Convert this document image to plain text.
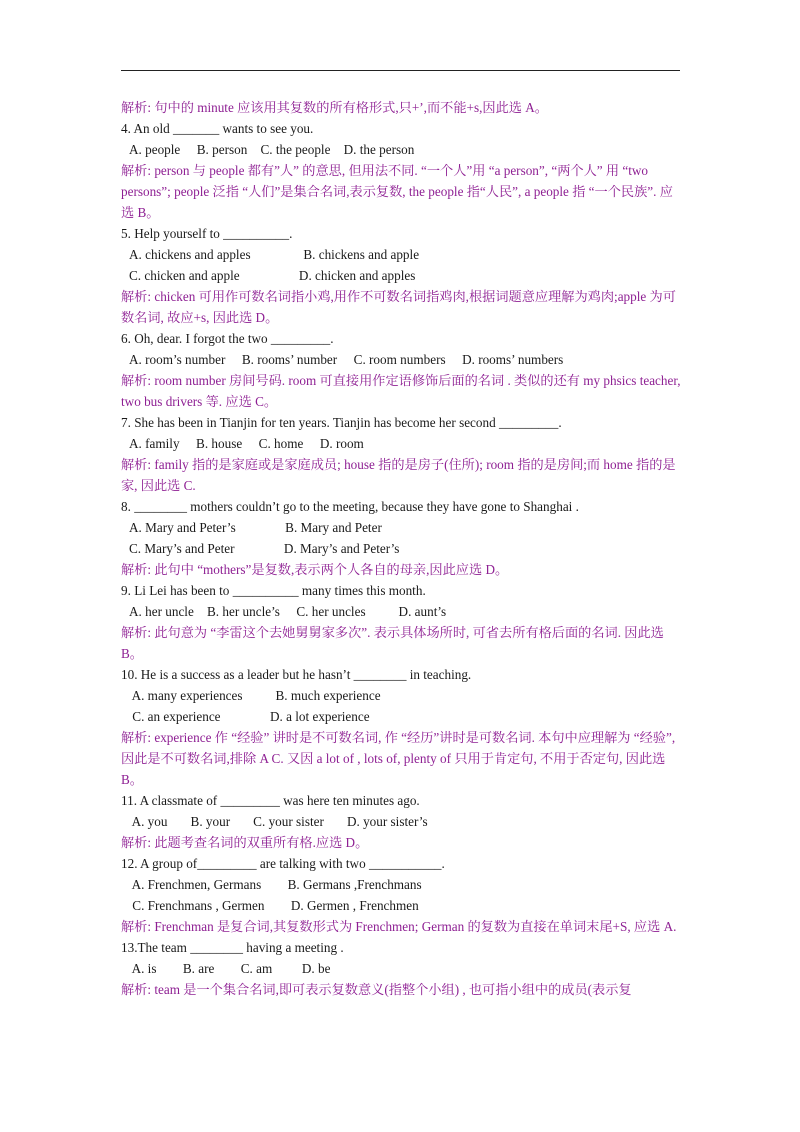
解析: 句中的 minute 应该用其复数的所有格形式,只+’,而不能+s,因此选 A。
4. An old _______ wants to see you.
A. people     B. person    C. the people    D. the person
解析: person 与 people 都有”人” 的意思, 但用法不同. “一个人”用 “a person”, “两个人” 用 “two persons”; people 泛指 “人们”是集合名词,表示复数, the people 指“人民”, a people 指 “一个民族”. 应选 B。
5. Help yourself to __________.
A. chickens and apples                B. chickens and apple
C. chicken and apple                  D. chicken and apples
解析: chicken 可用作可数名词指小鸡,用作不可数名词指鸡肉,根据词题意应理解为鸡肉;apple 为可数名词, 故应+s, 因此选 D。
6. Oh, dear. I forgot the two _________.
A. room’s number     B. rooms’ number     C. room numbers     D. rooms’ numbers
解析: room number 房间号码. room 可直接用作定语修饰后面的名词 . 类似的还有 my phsics teacher, two bus drivers 等. 应选 C。
7. She has been in Tianjin for ten years. Tianjin has become her second _________.
A. family     B. house     C. home     D. room
解析: family 指的是家庭或是家庭成员; house 指的是房子(住所); room 指的是房间;而 home 指的是家, 因此选 C.
8. ________ mothers couldn’t go to the meeting, because they have gone to Shanghai .
A. Mary and Peter’s               B. Mary and Peter
C. Mary’s and Peter               D. Mary’s and Peter’s
解析: 此句中 “mothers”是复数,表示两个人各自的母亲,因此应选 D。
9. Li Lei has been to __________ many times this month.
A. her uncle    B. her uncle’s     C. her uncles          D. aunt’s
解析: 此句意为 “李雷这个去她舅舅家多次”. 表示具体场所时, 可省去所有格后面的名词. 因此选 B。
10. He is a success as a leader but he hasn’t ________ in teaching.
A. many experiences          B. much experience
C. an experience               D. a lot experience
解析: experience 作 “经验” 讲时是不可数名词, 作 “经历”讲时是可数名词. 本句中应理解为 “经验”,因此是不可数名词,排除 A C. 又因 a lot of , lots of, plenty of 只用于肯定句, 不用于否定句, 因此选 B。
11. A classmate of _________ was here ten minutes ago.
A. you       B. your       C. your sister       D. your sister’s
解析: 此题考查名词的双重所有格.应选 D。
12. A group of_________ are talking with two ___________.
A. Frenchmen, Germans        B. Germans ,Frenchmans
C. Frenchmans , Germen        D. Germen , Frenchmen
解析: Frenchman 是复合词,其复数形式为 Frenchmen; German 的复数为直接在单词末尾+S, 应选 A.
13.The team ________ having a meeting .
A. is        B. are        C. am         D. be
解析: team 是一个集合名词,即可表示复数意义(指整个小组) , 也可指小组中的成员(表示复
